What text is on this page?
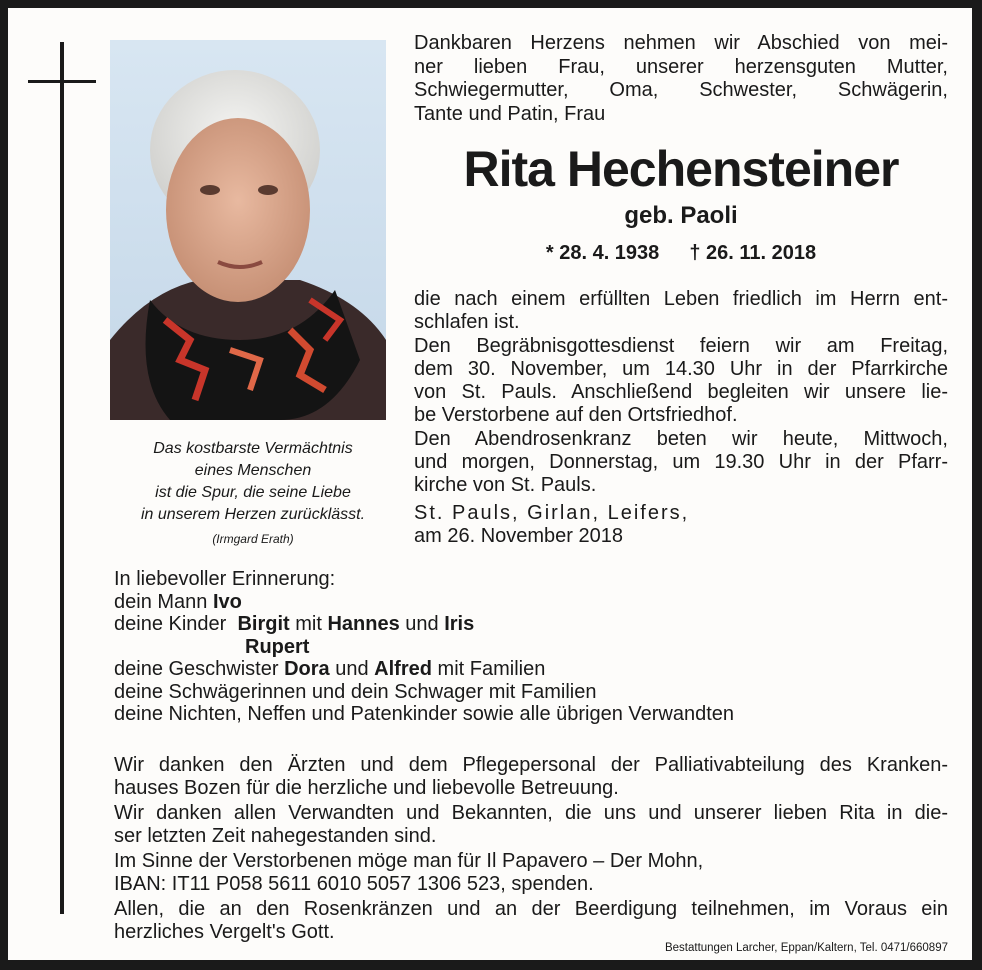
Das kostbarste Vermächtnis
eines Menschen
ist die Spur, die seine Liebe
in unserem Herzen zurücklässt.
(Irmgard Erath)
Dankbaren Herzens nehmen wir Abschied von mei-
ner lieben Frau, unserer herzensguten Mutter,
Schwiegermutter, Oma, Schwester, Schwägerin,
Tante und Patin, Frau
Rita Hechensteiner
geb. Paoli
* 28. 4. 1938 † 26. 11. 2018
die nach einem erfüllten Leben friedlich im Herrn ent-
schlafen ist.
Den Begräbnisgottesdienst feiern wir am Freitag,
dem 30. November, um 14.30 Uhr in der Pfarrkirche
von St. Pauls. Anschließend begleiten wir unsere lie-
be Verstorbene auf den Ortsfriedhof.
Den Abendrosenkranz beten wir heute, Mittwoch,
und morgen, Donnerstag, um 19.30 Uhr in der Pfarr-
kirche von St. Pauls.
St. Pauls, Girlan, Leifers,
am 26. November 2018
In liebevoller Erinnerung:
dein Mann Ivo
deine Kinder Birgit mit Hannes und Iris
Rupert
deine Geschwister Dora und Alfred mit Familien
deine Schwägerinnen und dein Schwager mit Familien
deine Nichten, Neffen und Patenkinder sowie alle übrigen Verwandten
Wir danken den Ärzten und dem Pflegepersonal der Palliativabteilung des Kranken-
hauses Bozen für die herzliche und liebevolle Betreuung.
Wir danken allen Verwandten und Bekannten, die uns und unserer lieben Rita in die-
ser letzten Zeit nahegestanden sind.
Im Sinne der Verstorbenen möge man für Il Papavero – Der Mohn,
IBAN: IT11 P058 5611 6010 5057 1306 523, spenden.
Allen, die an den Rosenkränzen und an der Beerdigung teilnehmen, im Voraus ein
herzliches Vergelt's Gott.
Bestattungen Larcher, Eppan/Kaltern, Tel. 0471/660897
